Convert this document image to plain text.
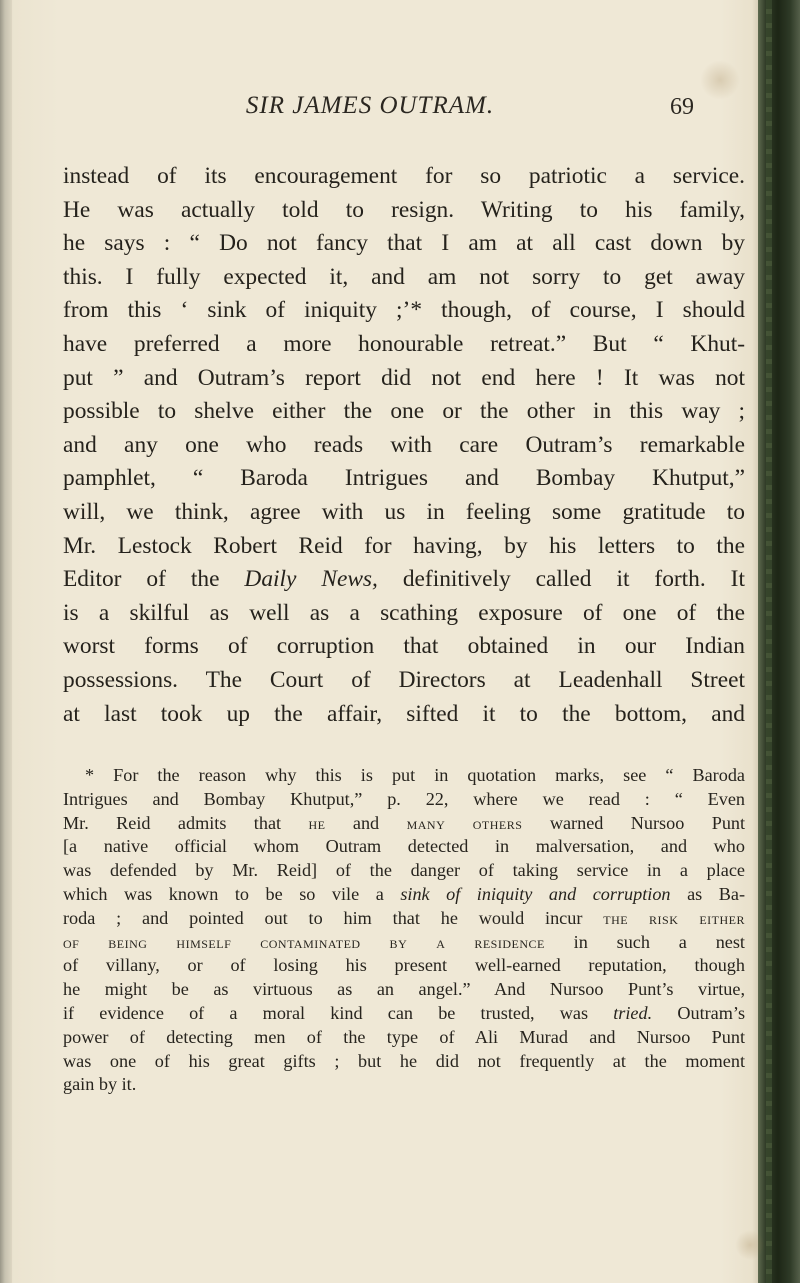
SIR JAMES OUTRAM.	69
instead of its encouragement for so patriotic a service.
He was actually told to resign. Writing to his family,
he says : “ Do not fancy that I am at all cast down by
this. I fully expected it, and am not sorry to get away
from this ‘ sink of iniquity ;’* though, of course, I should
have preferred a more honourable retreat.” But “ Khut-
put ” and Outram’s report did not end here ! It was not
possible to shelve either the one or the other in this way ;
and any one who reads with care Outram’s remarkable
pamphlet, “ Baroda Intrigues and Bombay Khutput,”
will, we think, agree with us in feeling some gratitude to
Mr. Lestock Robert Reid for having, by his letters to the
Editor of the Daily News, definitively called it forth. It
is a skilful as well as a scathing exposure of one of the
worst forms of corruption that obtained in our Indian
possessions. The Court of Directors at Leadenhall Street
at last took up the affair, sifted it to the bottom, and
* For the reason why this is put in quotation marks, see “ Baroda
Intrigues and Bombay Khutput,” p. 22, where we read : “ Even
Mr. Reid admits that he and many others warned Nursoo Punt
[a native official whom Outram detected in malversation, and who
was defended by Mr. Reid] of the danger of taking service in a place
which was known to be so vile a sink of iniquity and corruption as Ba-
roda ; and pointed out to him that he would incur the risk either
of being himself contaminated by a residence in such a nest
of villany, or of losing his present well-earned reputation, though
he might be as virtuous as an angel.” And Nursoo Punt’s virtue,
if evidence of a moral kind can be trusted, was tried. Outram’s
power of detecting men of the type of Ali Murad and Nursoo Punt
was one of his great gifts ; but he did not frequently at the moment
gain by it.
